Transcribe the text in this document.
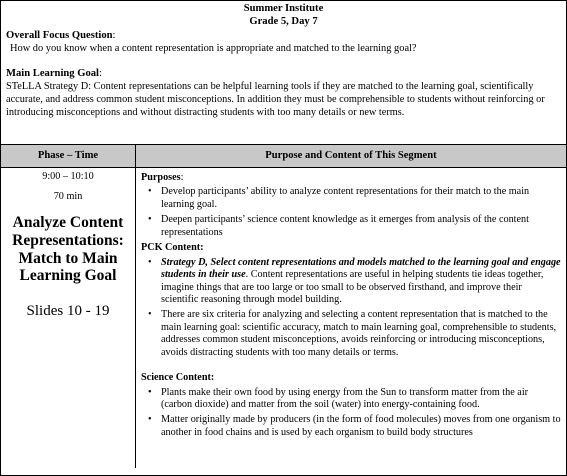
Summer Institute
Grade 5, Day 7
Overall Focus Question:
How do you know when a content representation is appropriate and matched to the learning goal?
Main Learning Goal:
STeLLA Strategy D: Content representations can be helpful learning tools if they are matched to the learning goal, scientifically accurate, and address common student misconceptions. In addition they must be comprehensible to students without reinforcing or introducing misconceptions and without distracting students with too many details or new terms.
Phase – Time	Purpose and Content of This Segment
9:00 – 10:10
70 min
Analyze Content Representations: Match to Main Learning Goal
Slides 10 - 19
Purposes:
• Develop participants’ ability to analyze content representations for their match to the main learning goal.
• Deepen participants’ science content knowledge as it emerges from analysis of the content representations
PCK Content:
• Strategy D, Select content representations and models matched to the learning goal and engage students in their use. Content representations are useful in helping students tie ideas together, imagine things that are too large or too small to be observed firsthand, and improve their scientific reasoning through model building.
• There are six criteria for analyzing and selecting a content representation that is matched to the main learning goal: scientific accuracy, match to main learning goal, comprehensible to students, addresses common student misconceptions, avoids reinforcing or introducing misconceptions, avoids distracting students with too many details or terms.
Science Content:
• Plants make their own food by using energy from the Sun to transform matter from the air (carbon dioxide) and matter from the soil (water) into energy-containing food.
• Matter originally made by producers (in the form of food molecules) moves from one organism to another in food chains and is used by each organism to build body structures
